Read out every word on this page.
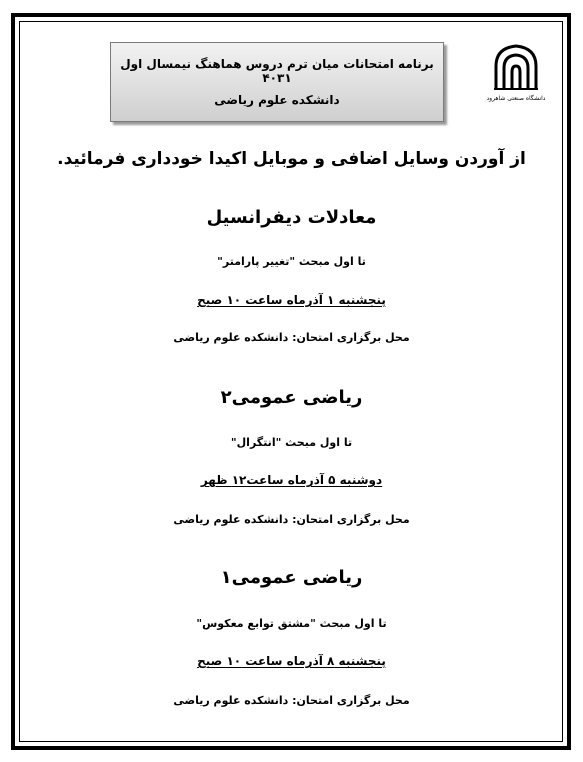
برنامه امتحانات میان ترم دروس هماهنگ نیمسال اول ۴۰۳۱
دانشکده علوم ریاضی	دانشگاه صنعتی شاهرود
از آوردن وسایل اضافی و موبایل اکیدا خودداری فرمائید.
معادلات دیفرانسیل
تا اول مبحث "تغییر پارامتر"
پنجشنبه ۱ آذرماه ساعت ۱۰ صبح
محل برگزاری امتحان: دانشکده علوم ریاضی
ریاضی عمومی۲
تا اول مبحث "انتگرال"
دوشنبه ۵ آذرماه ساعت۱۲ ظهر
محل برگزاری امتحان: دانشکده علوم ریاضی
ریاضی عمومی۱
تا اول مبحث "مشتق توابع معکوس"
پنجشنبه ۸ آذرماه ساعت ۱۰ صبح
محل برگزاری امتحان: دانشکده علوم ریاضی
